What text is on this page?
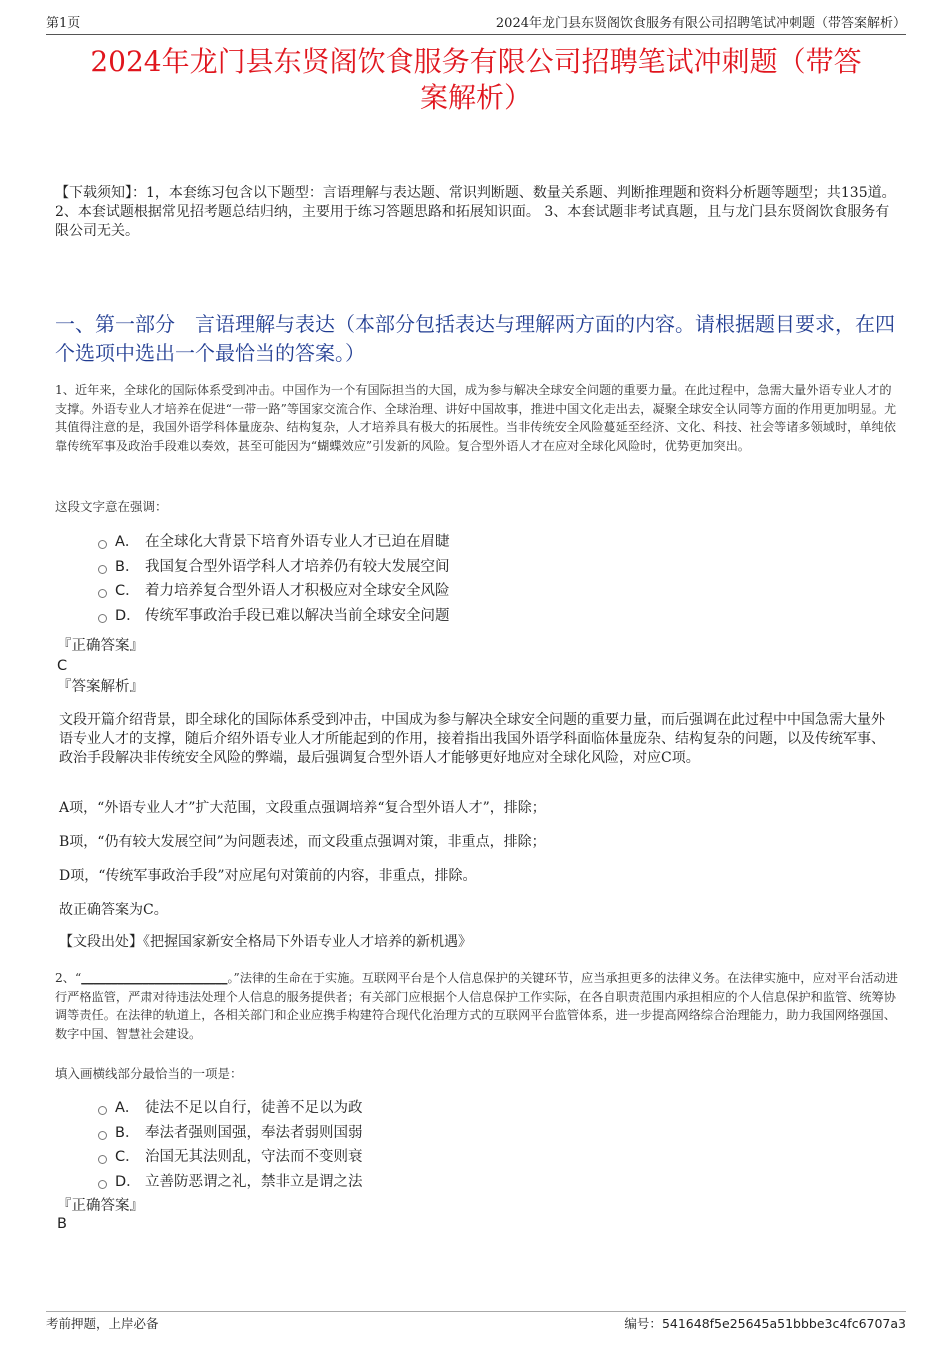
第1页	2024年龙门县东贤阁饮食服务有限公司招聘笔试冲刺题（带答案解析）
2024年龙门县东贤阁饮食服务有限公司招聘笔试冲刺题（带答
案解析）
【下载须知】：1，本套练习包含以下题型：言语理解与表达题、常识判断题、数量关系题、判断推理题和资料分析题等题型；共135道。 2、本套试题根据常见招考题总结归纳，主要用于练习答题思路和拓展知识面。 3、本套试题非考试真题，且与龙门县东贤阁饮食服务有限公司无关。
一、第一部分　言语理解与表达（本部分包括表达与理解两方面的内容。请根据题目要求，在四个选项中选出一个最恰当的答案。）
1、近年来，全球化的国际体系受到冲击。中国作为一个有国际担当的大国，成为参与解决全球安全问题的重要力量。在此过程中，急需大量外语专业人才的支撑。外语专业人才培养在促进“一带一路”等国家交流合作、全球治理、讲好中国故事，推进中国文化走出去，凝聚全球安全认同等方面的作用更加明显。尤其值得注意的是，我国外语学科体量庞杂、结构复杂，人才培养具有极大的拓展性。当非传统安全风险蔓延至经济、文化、科技、社会等诸多领域时，单纯依靠传统军事及政治手段难以奏效，甚至可能因为“蝴蝶效应”引发新的风险。复合型外语人才在应对全球化风险时，优势更加突出。
这段文字意在强调：
A． 在全球化大背景下培育外语专业人才已迫在眉睫
B． 我国复合型外语学科人才培养仍有较大发展空间
C． 着力培养复合型外语人才积极应对全球安全风险
D． 传统军事政治手段已难以解决当前全球安全问题
『正确答案』
C
『答案解析』
文段开篇介绍背景，即全球化的国际体系受到冲击，中国成为参与解决全球安全问题的重要力量，而后强调在此过程中中国急需大量外语专业人才的支撑，随后介绍外语专业人才所能起到的作用，接着指出我国外语学科面临体量庞杂、结构复杂的问题，以及传统军事、政治手段解决非传统安全风险的弊端，最后强调复合型外语人才能够更好地应对全球化风险，对应C项。
A项，“外语专业人才”扩大范围，文段重点强调培养“复合型外语人才”，排除；
B项，“仍有较大发展空间”为问题表述，而文段重点强调对策，非重点，排除；
D项，“传统军事政治手段”对应尾句对策前的内容，非重点，排除。
故正确答案为C。
【文段出处】《把握国家新安全格局下外语专业人才培养的新机遇》
2、“________________________。”法律的生命在于实施。互联网平台是个人信息保护的关键环节，应当承担更多的法律义务。在法律实施中，应对平台活动进行严格监管，严肃对待违法处理个人信息的服务提供者；有关部门应根据个人信息保护工作实际，在各自职责范围内承担相应的个人信息保护和监管、统筹协调等责任。在法律的轨道上，各相关部门和企业应携手构建符合现代化治理方式的互联网平台监管体系，进一步提高网络综合治理能力，助力我国网络强国、数字中国、智慧社会建设。
填入画横线部分最恰当的一项是：
A． 徒法不足以自行，徒善不足以为政
B． 奉法者强则国强，奉法者弱则国弱
C． 治国无其法则乱，守法而不变则衰
D． 立善防恶谓之礼，禁非立是谓之法
『正确答案』
B
考前押题，上岸必备	编号：541648f5e25645a51bbbe3c4fc6707a3
